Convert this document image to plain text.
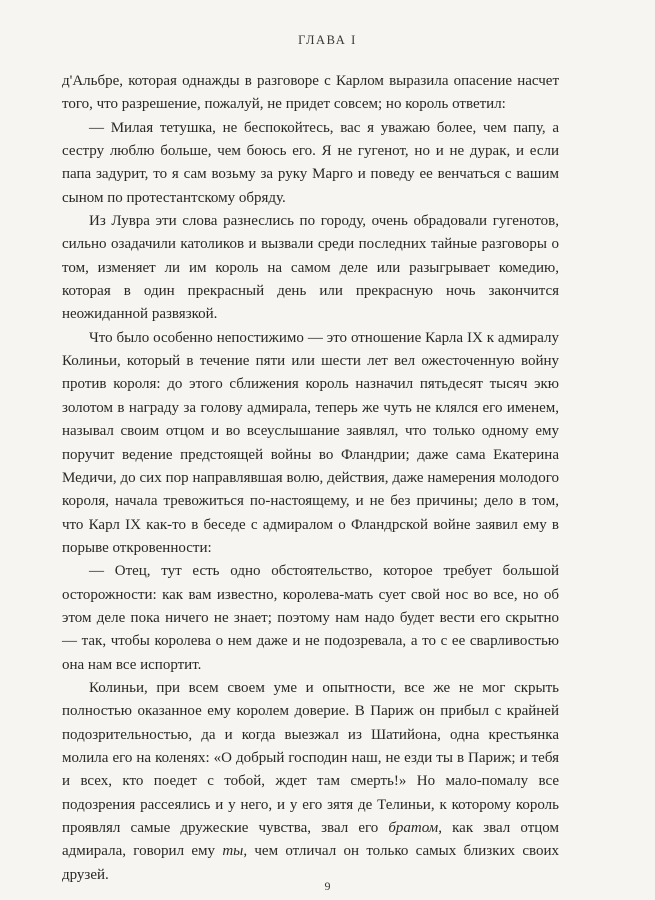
ГЛАВА I

д'Альбре, которая однажды в разговоре с Карлом выразила опасение насчет того, что разрешение, пожалуй, не придет совсем; но король ответил:

— Милая тетушка, не беспокойтесь, вас я уважаю более, чем папу, а сестру люблю больше, чем боюсь его. Я не гугенот, но и не дурак, и если папа задурит, то я сам возьму за руку Марго и поведу ее венчаться с вашим сыном по протестантскому обряду.

Из Лувра эти слова разнеслись по городу, очень обрадовали гугенотов, сильно озадачили католиков и вызвали среди последних тайные разговоры о том, изменяет ли им король на самом деле или разыгрывает комедию, которая в один прекрасный день или прекрасную ночь закончится неожиданной развязкой.

Что было особенно непостижимо — это отношение Карла IX к адмиралу Колиньи, который в течение пяти или шести лет вел ожесточенную войну против короля: до этого сближения король назначил пятьдесят тысяч экю золотом в награду за голову адмирала, теперь же чуть не клялся его именем, называл своим отцом и во всеуслышание заявлял, что только одному ему поручит ведение предстоящей войны во Фландрии; даже сама Екатерина Медичи, до сих пор направлявшая волю, действия, даже намерения молодого короля, начала тревожиться по-настоящему, и не без причины; дело в том, что Карл IX как-то в беседе с адмиралом о Фландрской войне заявил ему в порыве откровенности:

— Отец, тут есть одно обстоятельство, которое требует большой осторожности: как вам известно, королева-мать сует свой нос во все, но об этом деле пока ничего не знает; поэтому нам надо будет вести его скрытно — так, чтобы королева о нем даже и не подозревала, а то с ее сварливостью она нам все испортит.

Колиньи, при всем своем уме и опытности, все же не мог скрыть полностью оказанное ему королем доверие. В Париж он прибыл с крайней подозрительностью, да и когда выезжал из Шатийона, одна крестьянка молила его на коленях: «О добрый господин наш, не езди ты в Париж; и тебя и всех, кто поедет с тобой, ждет там смерть!» Но мало-помалу все подозрения рассеялись и у него, и у его зятя де Телиньи, к которому король проявлял самые дружеские чувства, звал его братом, как звал отцом адмирала, говорил ему ты, чем отличал он только самых близких своих друзей.

9
